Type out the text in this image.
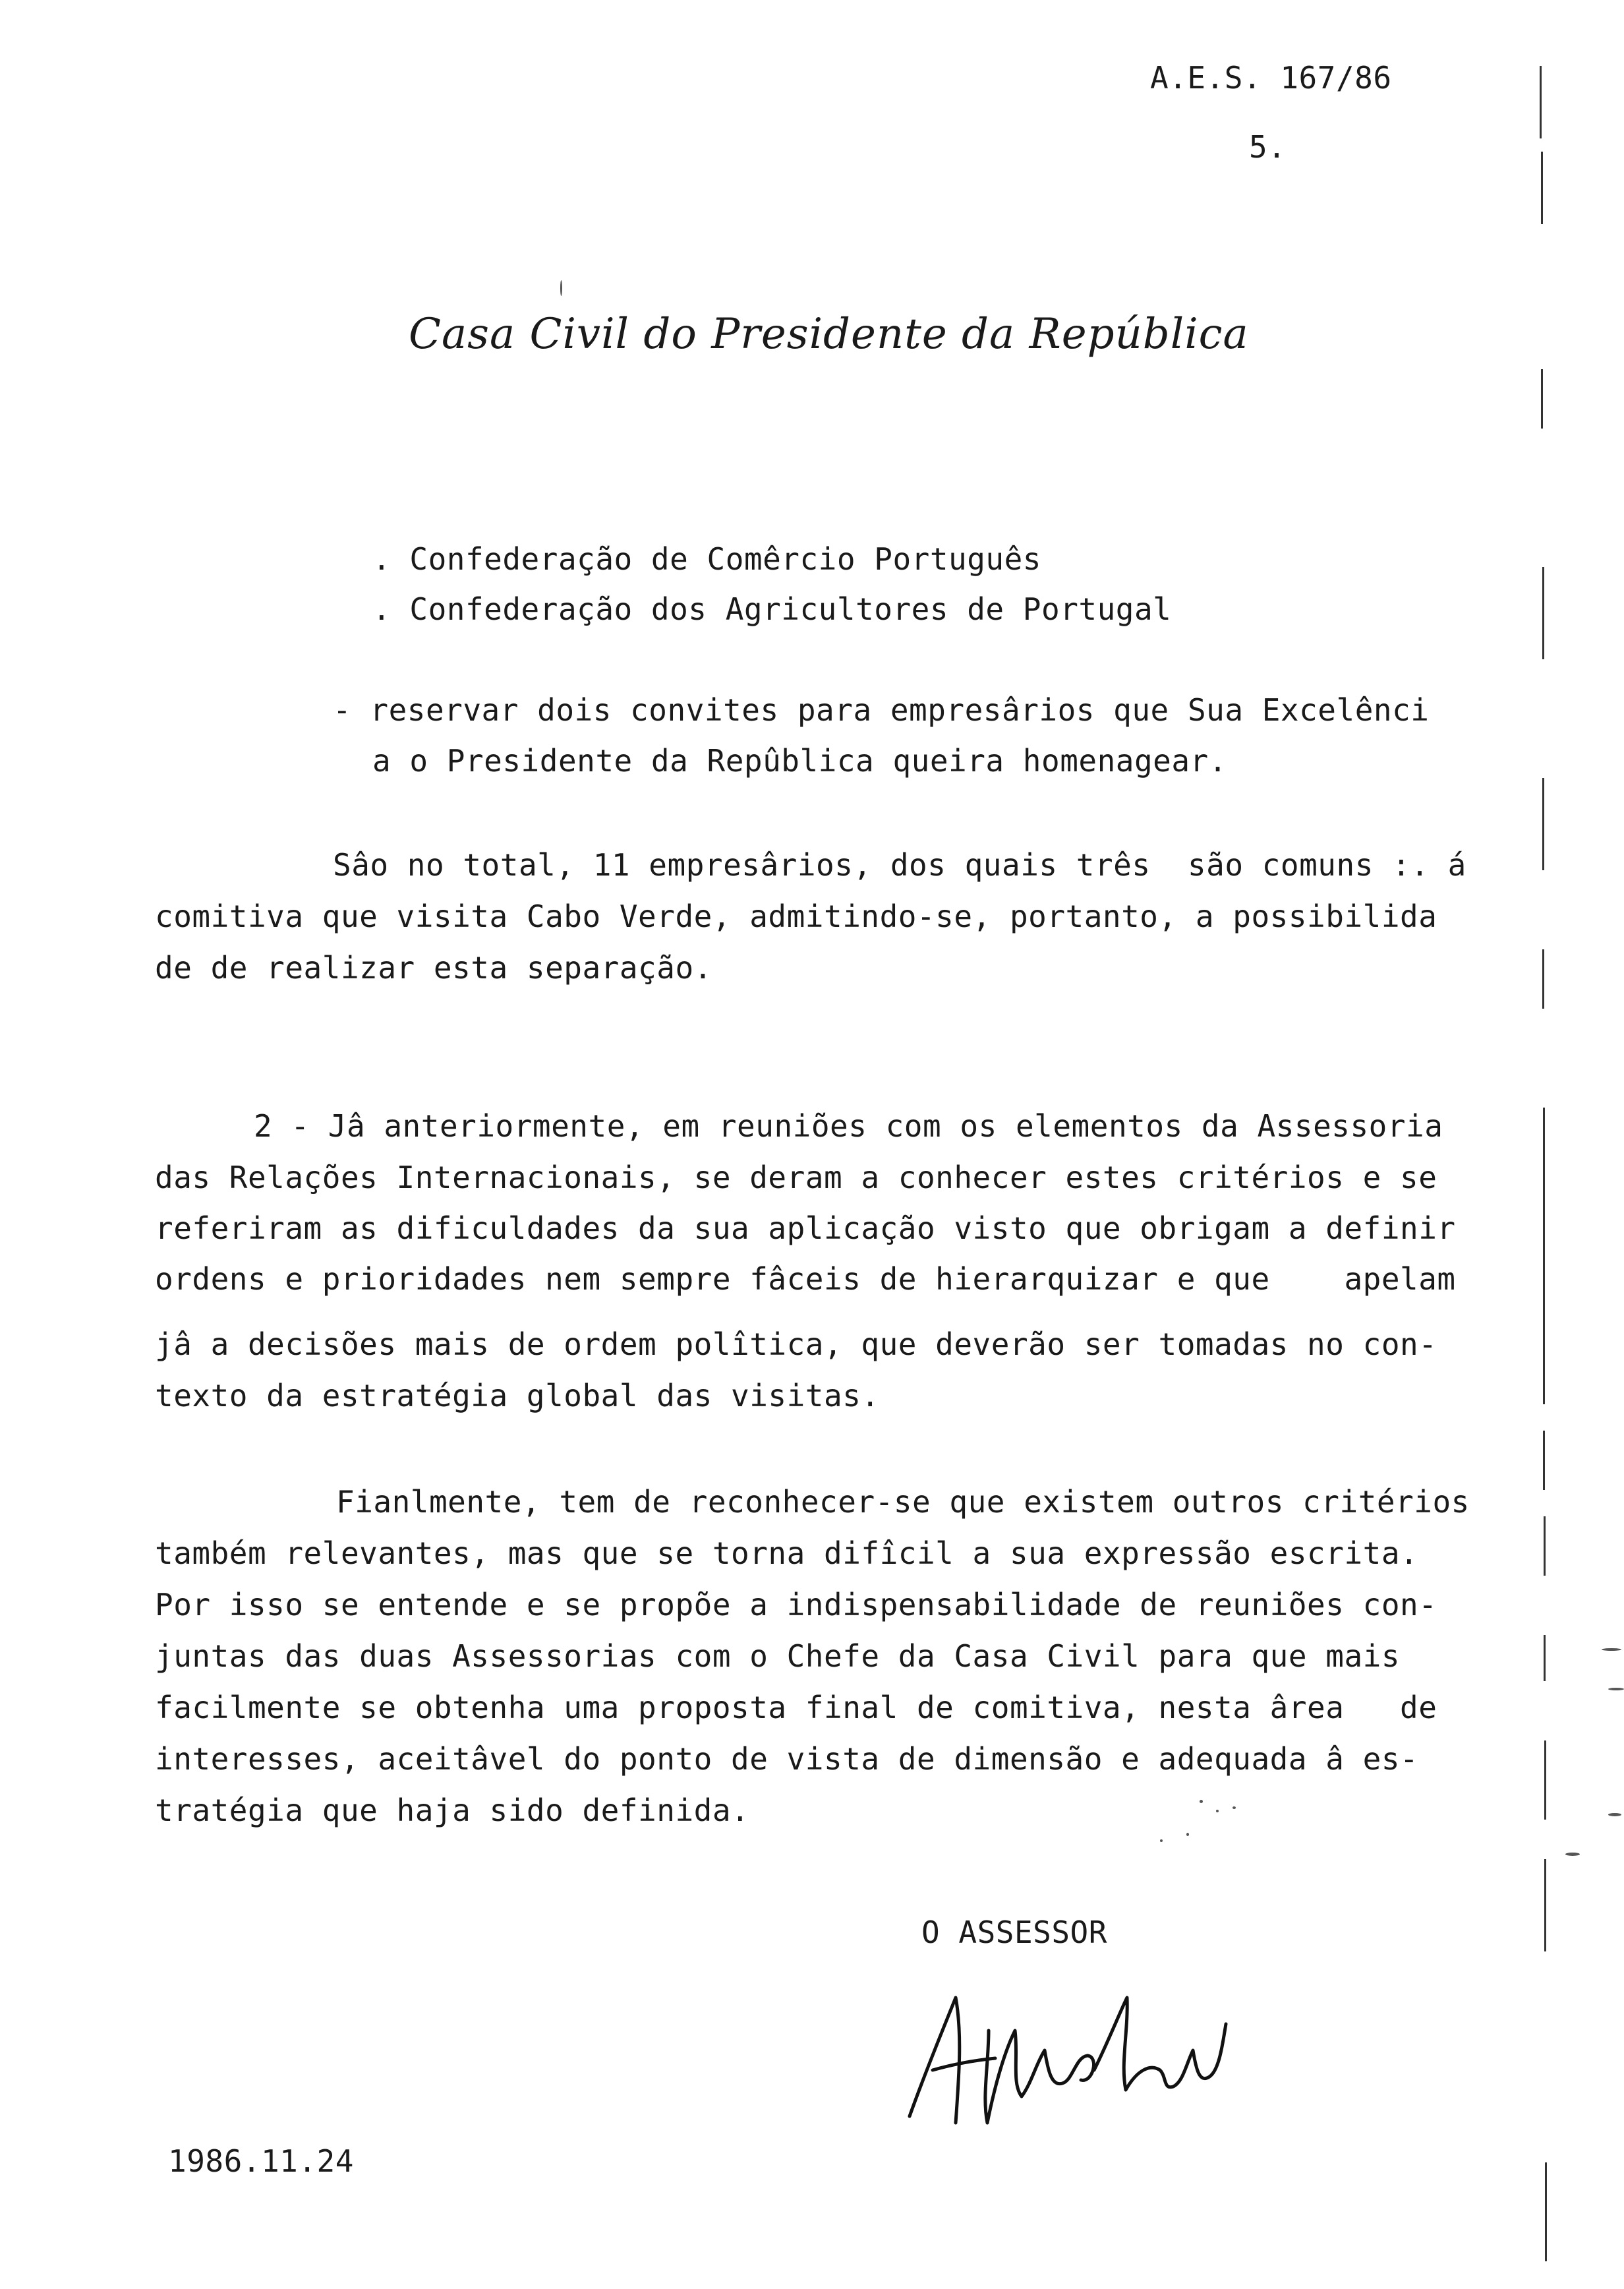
A.E.S. 167/86
5.
Casa Civil do Presidente da República
. Confederação de Comêrcio Português
. Confederação dos Agricultores de Portugal
- reservar dois convites para empresârios que Sua Excelênci
a o Presidente da Repûblica queira homenagear.
Sâo no total, 11 empresârios, dos quais três  são comuns :. á
comitiva que visita Cabo Verde, admitindo-se, portanto, a possibilida
de de realizar esta separação.
2 - Jâ anteriormente, em reuniões com os elementos da Assessoria
das Relações Internacionais, se deram a conhecer estes critérios e se
referiram as dificuldades da sua aplicação visto que obrigam a definir
ordens e prioridades nem sempre fâceis de hierarquizar e que    apelam
jâ a decisões mais de ordem polîtica, que deverão ser tomadas no con-
texto da estratégia global das visitas.
Fianlmente, tem de reconhecer-se que existem outros critérios
também relevantes, mas que se torna difîcil a sua expressão escrita.
Por isso se entende e se propõe a indispensabilidade de reuniões con-
juntas das duas Assessorias com o Chefe da Casa Civil para que mais
facilmente se obtenha uma proposta final de comitiva, nesta ârea   de
interesses, aceitâvel do ponto de vista de dimensão e adequada â es-
tratégia que haja sido definida.
O ASSESSOR
1986.11.24
